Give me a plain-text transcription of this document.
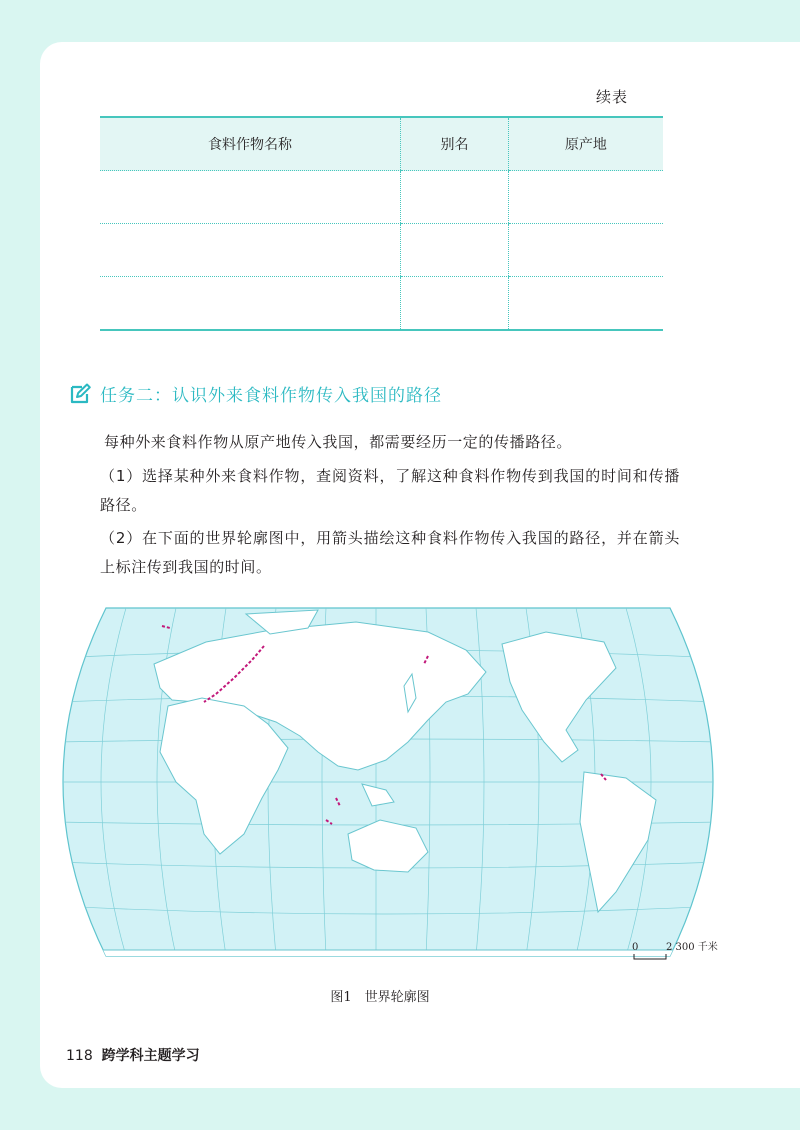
续表
食料作物名称	别名	原产地

任务二：认识外来食料作物传入我国的路径
每种外来食料作物从原产地传入我国，都需要经历一定的传播路径。
（1）选择某种外来食料作物，查阅资料，了解这种食料作物传到我国的时间和传播路径。
（2）在下面的世界轮廓图中，用箭头描绘这种食料作物传入我国的路径，并在箭头上标注传到我国的时间。
0	2 300 千米
图1　世界轮廓图
118 跨学科主题学习
